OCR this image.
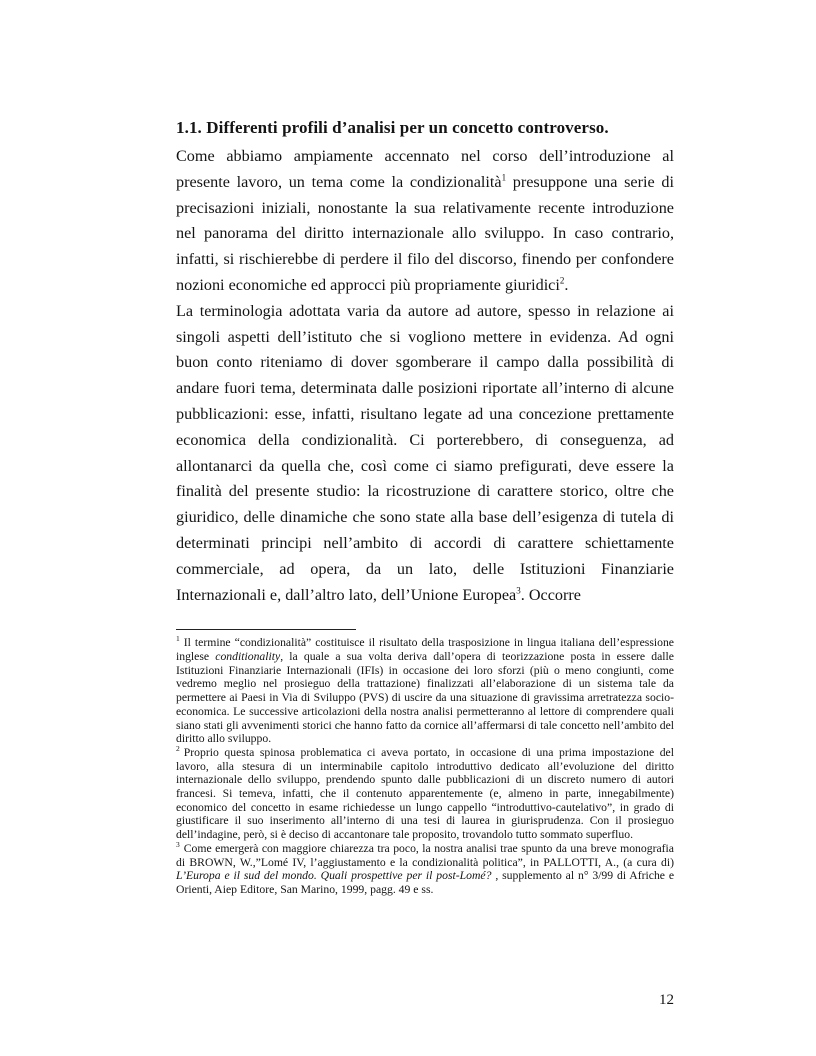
1.1. Differenti profili d’analisi per un concetto controverso.

Come abbiamo ampiamente accennato nel corso dell’introduzione al presente lavoro, un tema come la condizionalità$^1$ presuppone una serie di precisazioni iniziali, nonostante la sua relativamente recente introduzione nel panorama del diritto internazionale allo sviluppo. In caso contrario, infatti, si rischierebbe di perdere il filo del discorso, finendo per confondere nozioni economiche ed approcci più propriamente giuridici$^2$.

La terminologia adottata varia da autore ad autore, spesso in relazione ai singoli aspetti dell’istituto che si vogliono mettere in evidenza. Ad ogni buon conto riteniamo di dover sgomberare il campo dalla possibilità di andare fuori tema, determinata dalle posizioni riportate all’interno di alcune pubblicazioni: esse, infatti, risultano legate ad una concezione prettamente economica della condizionalità. Ci porterebbero, di conseguenza, ad allontanarci da quella che, così come ci siamo prefigurati, deve essere la finalità del presente studio: la ricostruzione di carattere storico, oltre che giuridico, delle dinamiche che sono state alla base dell’esigenza di tutela di determinati principi nell’ambito di accordi di carattere schiettamente commerciale, ad opera, da un lato, delle Istituzioni Finanziarie Internazionali e, dall’altro lato, dell’Unione Europea$^3$. Occorre

$^1$ Il termine “condizionalità” costituisce il risultato della trasposizione in lingua italiana dell’espressione inglese conditionality, la quale a sua volta deriva dall’opera di teorizzazione posta in essere dalle Istituzioni Finanziarie Internazionali (IFIs) in occasione dei loro sforzi (più o meno congiunti, come vedremo meglio nel prosieguo della trattazione) finalizzati all’elaborazione di un sistema tale da permettere ai Paesi in Via di Sviluppo (PVS) di uscire da una situazione di gravissima arretratezza socio-economica. Le successive articolazioni della nostra analisi permetteranno al lettore di comprendere quali siano stati gli avvenimenti storici che hanno fatto da cornice all’affermarsi di tale concetto nell’ambito del diritto allo sviluppo.

$^2$ Proprio questa spinosa problematica ci aveva portato, in occasione di una prima impostazione del lavoro, alla stesura di un interminabile capitolo introduttivo dedicato all’evoluzione del diritto internazionale dello sviluppo, prendendo spunto dalle pubblicazioni di un discreto numero di autori francesi. Si temeva, infatti, che il contenuto apparentemente (e, almeno in parte, innegabilmente) economico del concetto in esame richiedesse un lungo cappello “introduttivo-cautelativo”, in grado di giustificare il suo inserimento all’interno di una tesi di laurea in giurisprudenza. Con il prosieguo dell’indagine, però, si è deciso di accantonare tale proposito, trovandolo tutto sommato superfluo.

$^3$ Come emergerà con maggiore chiarezza tra poco, la nostra analisi trae spunto da una breve monografia di BROWN, W.,”Lomé IV, l’aggiustamento e la condizionalità politica”, in PALLOTTI, A., (a cura di) L’Europa e il sud del mondo. Quali prospettive per il post-Lomé? , supplemento al n° 3/99 di Afriche e Orienti, Aiep Editore, San Marino, 1999, pagg. 49 e ss.

12
